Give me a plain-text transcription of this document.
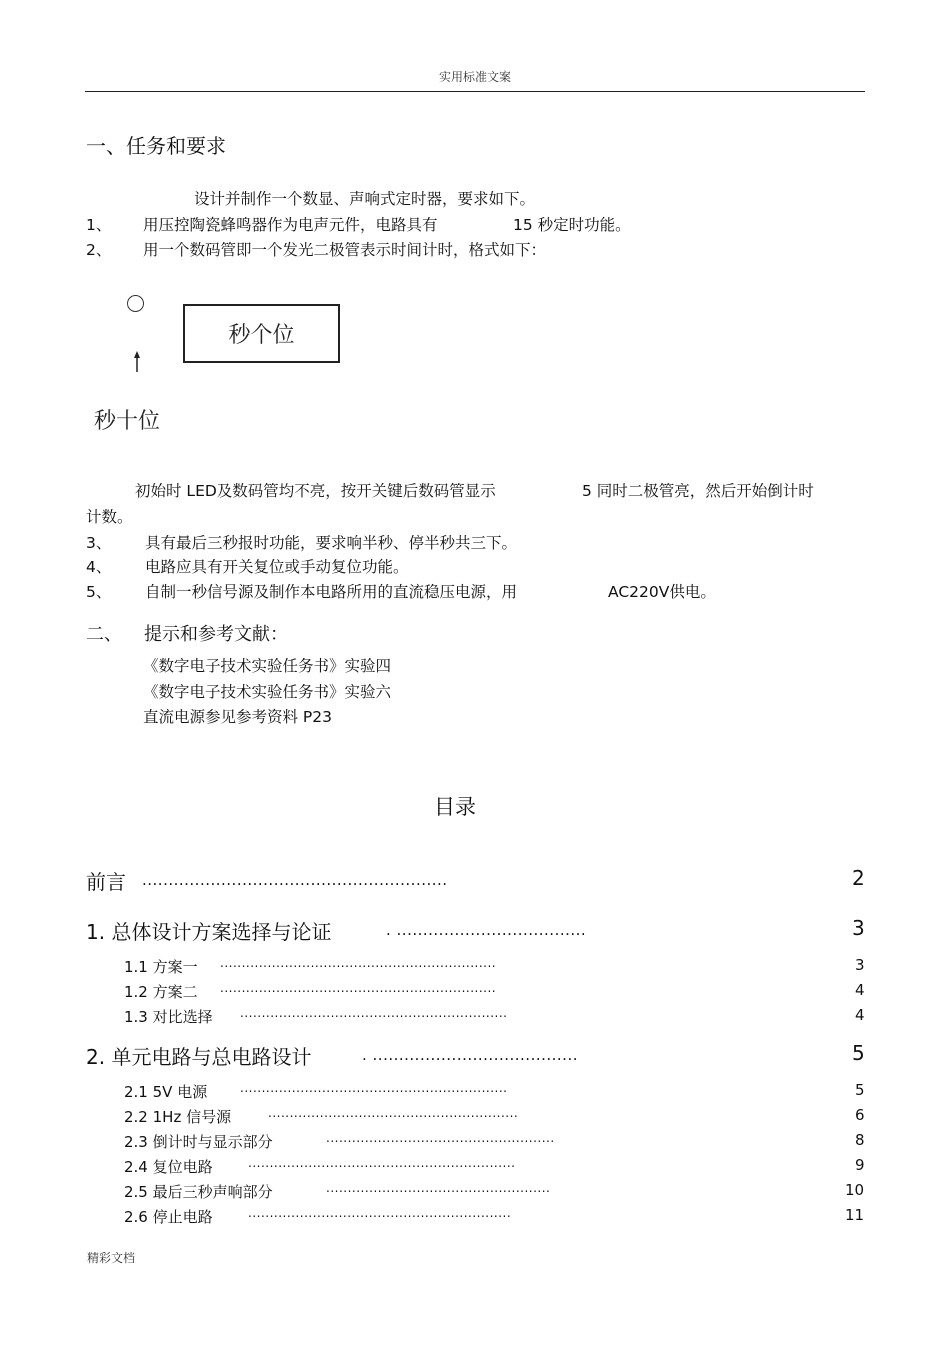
实用标准文案
一、任务和要求
设计并制作一个数显、声响式定时器，要求如下。
1、 用压控陶瓷蜂鸣器作为电声元件，电路具有	15 秒定时功能。
2、 用一个数码管即一个发光二极管表示时间计时，格式如下：
秒个位
秒十位
初始时 LED及数码管均不亮，按开关键后数码管显示	5 同时二极管亮，然后开始倒计时
计数。
3、 具有最后三秒报时功能，要求响半秒、停半秒共三下。
4、 电路应具有开关复位或手动复位功能。
5、 自制一秒信号源及制作本电路所用的直流稳压电源，用	AC220V供电。
二、 提示和参考文献：
《数字电子技术实验任务书》实验四
《数字电子技术实验任务书》实验六
直流电源参见参考资料 P23
目录
前言 ..........................................................	2
1. 总体设计方案选择与论证	. ....................................	3
1.1 方案一 ................................................................	3
1.2 方案二 ................................................................	4
1.3 对比选择 ..............................................................	4
2. 单元电路与总电路设计	. .......................................	5
2.1 5V 电源	..............................................................	5
2.2 1Hz 信号源	..........................................................	6
2.3 倒计时与显示部分	.....................................................	8
2.4 复位电路	..............................................................	9
2.5 最后三秒声响部分	....................................................	10
2.6 停止电路	.............................................................	11
精彩文档
